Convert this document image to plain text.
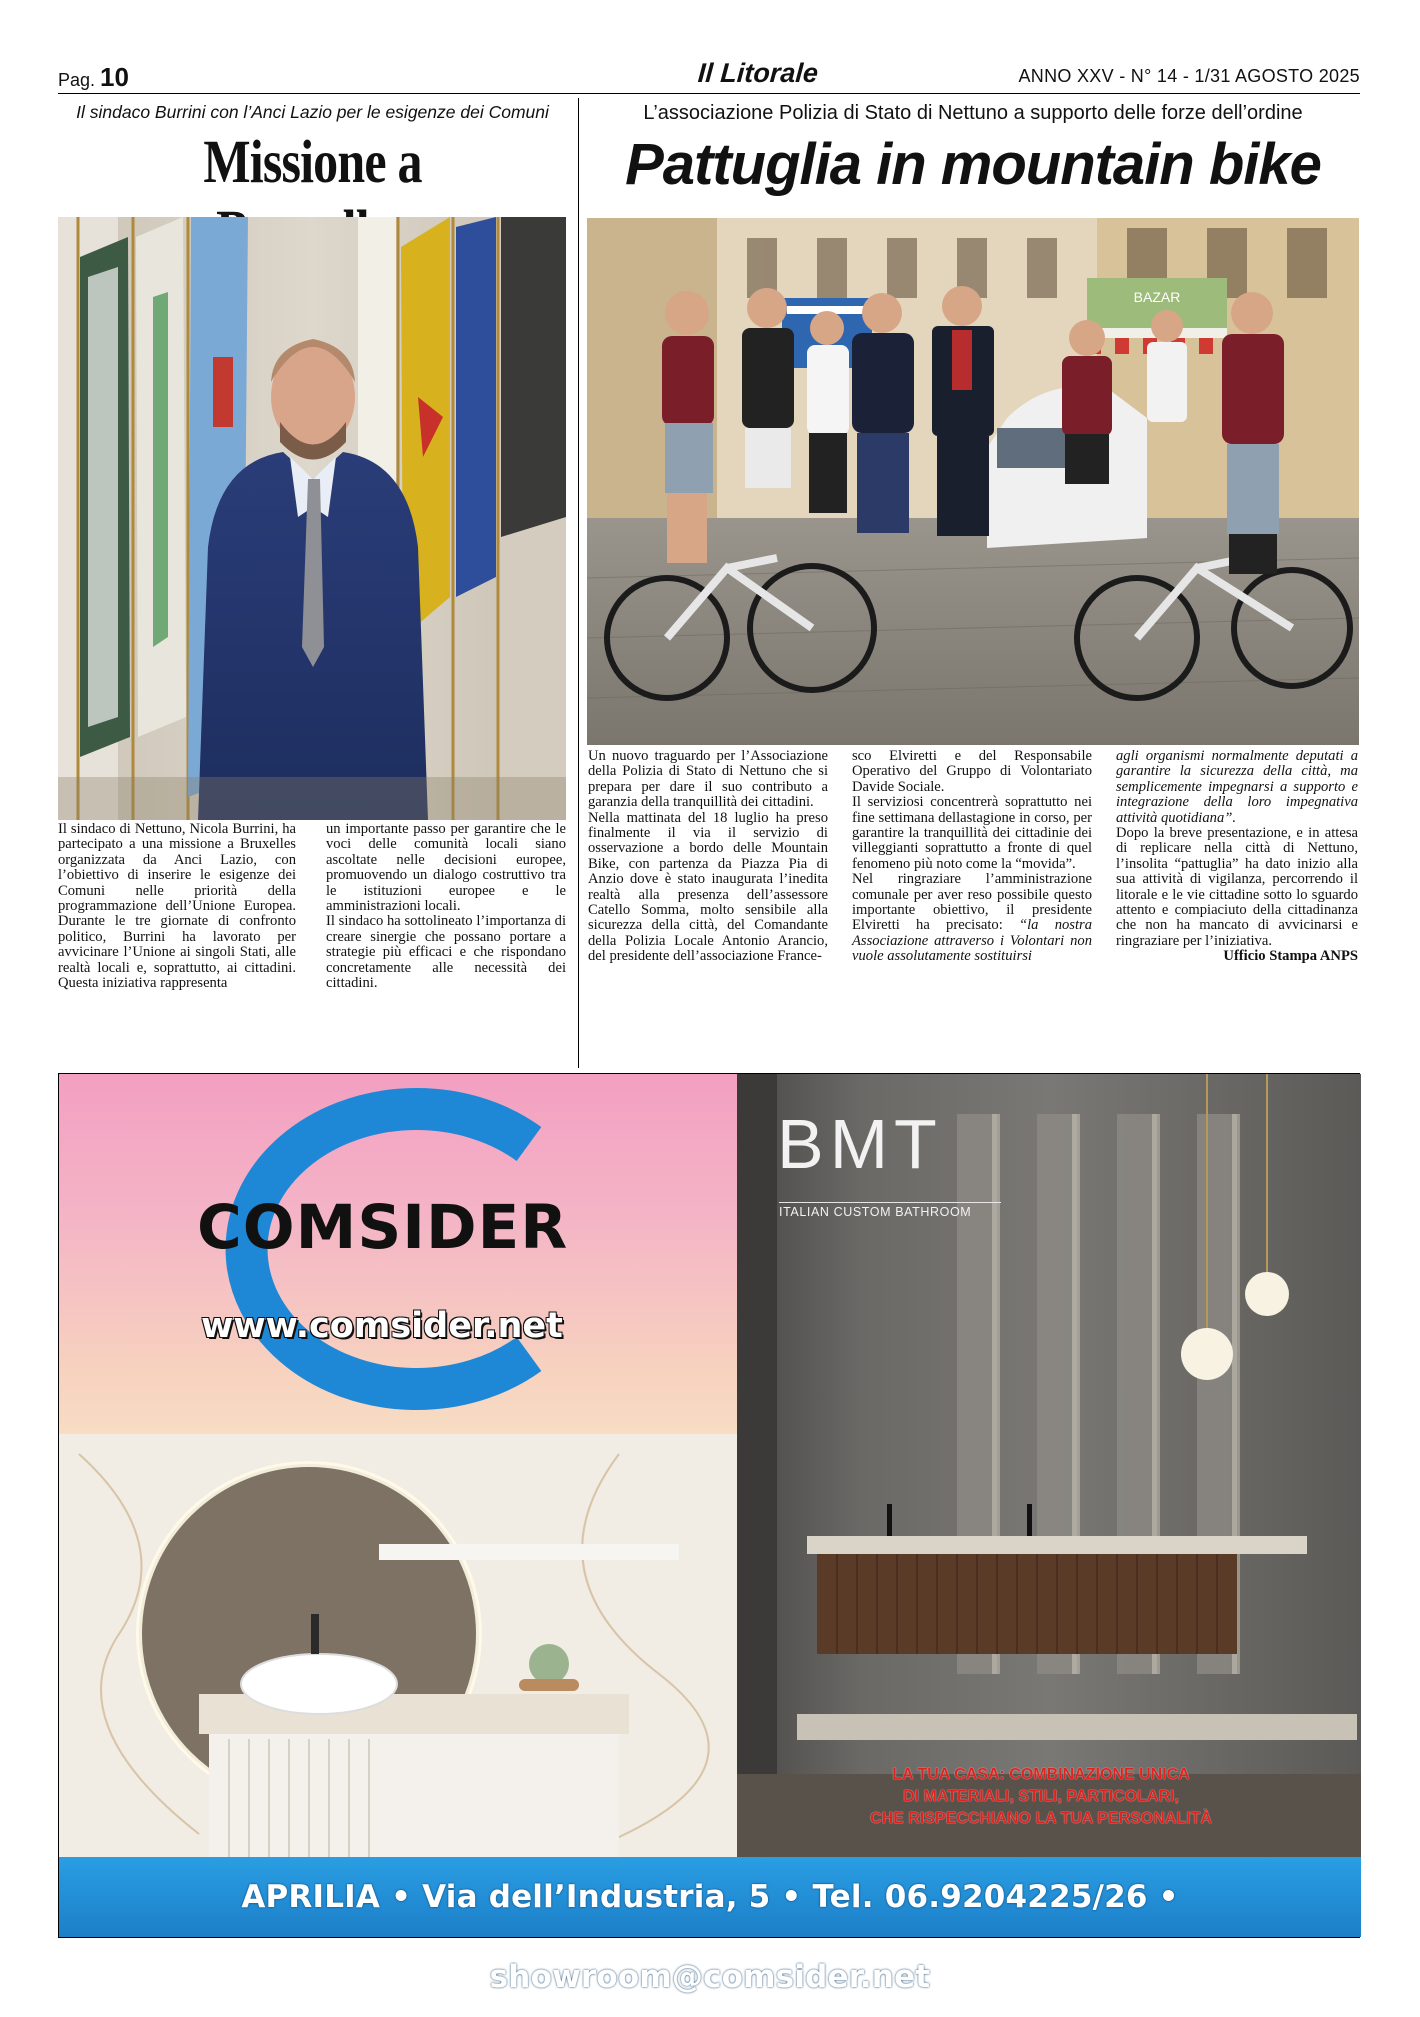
Pag. 10	Il Litorale	ANNO XXV - N° 14 - 1/31 AGOSTO 2025
Il sindaco Burrini con l’Anci Lazio per le esigenze dei Comuni
Missione a

Il sindaco di Nettuno, Nicola Burrini, ha partecipato a una missione a Bruxelles organizzata da Anci Lazio, con l’obiettivo di inserire le esigenze dei Comuni nelle priorità della programmazione dell’Unione Europea. Durante le tre giornate di confronto politico, Burrini ha lavorato per avvicinare l’Unione ai singoli Stati, alle realtà locali e, soprattutto, ai cittadini. Questa iniziativa rappresenta

un importante passo per garantire che le voci delle comunità locali siano ascoltate nelle decisioni europee, promuovendo un dialogo costruttivo tra le istituzioni europee e le amministrazioni locali.

Il sindaco ha sottolineato l’importanza di creare sinergie che possano portare a strategie più efficaci e che rispondano concretamente alle necessità dei cittadini.

L’associazione Polizia di Stato di Nettuno a supporto delle forze dell’ordine
Pattuglia in mountain bike
BAZAR

Un nuovo traguardo per l’Associazione della Polizia di Stato di Nettuno che si prepara per dare il suo contributo a garanzia della tranquillità dei cittadini.

Nella mattinata del 18 luglio ha preso finalmente il via il servizio di osservazione a bordo delle Mountain Bike, con partenza da Piazza Pia di Anzio dove è stato inaugurata l’inedita realtà alla presenza dell’assessore Catello Somma, molto sensibile alla sicurezza della città, del Comandante della Polizia Locale Antonio Arancio, del presidente dell’associazione France-

sco Elviretti e del Responsabile Operativo del Gruppo di Volontariato Davide Sociale.

Il serviziosi concentrerà soprattutto nei fine settimana dellastagione in corso, per garantire la tranquillità dei cittadinie dei villeggianti soprattutto a fronte di quel fenomeno più noto come la “movida”.

Nel ringraziare l’amministrazione comunale per aver reso possibile questo importante obiettivo, il presidente Elviretti ha precisato: “la nostra Associazione attraverso i Volontari non vuole assolutamente sostituirsi

agli organismi normalmente deputati a garantire la sicurezza della città, ma semplicemente impegnarsi a supporto e integrazione della loro impegnativa attività quotidiana”.

Dopo la breve presentazione, e in attesa di replicare nella città di Nettuno, l’insolita “pattuglia” ha dato inizio alla sua attività di vigilanza, percorrendo il litorale e le vie cittadine sotto lo sguardo attento e compiaciuto della cittadinanza che non ha mancato di avvicinarsi e ringraziare per l’iniziativa.

Ufficio Stampa ANPS

COMSIDER
www.comsider.net
BMT
ITALIAN CUSTOM BATHROOM
LA TUA CASA: COMBINAZIONE UNICA
DI MATERIALI, STILI, PARTICOLARI,
CHE RISPECCHIANO LA TUA PERSONALITÀ
APRILIA • Via dell’Industria, 5 • Tel. 06.9204225/26 • showroom@comsider.net
